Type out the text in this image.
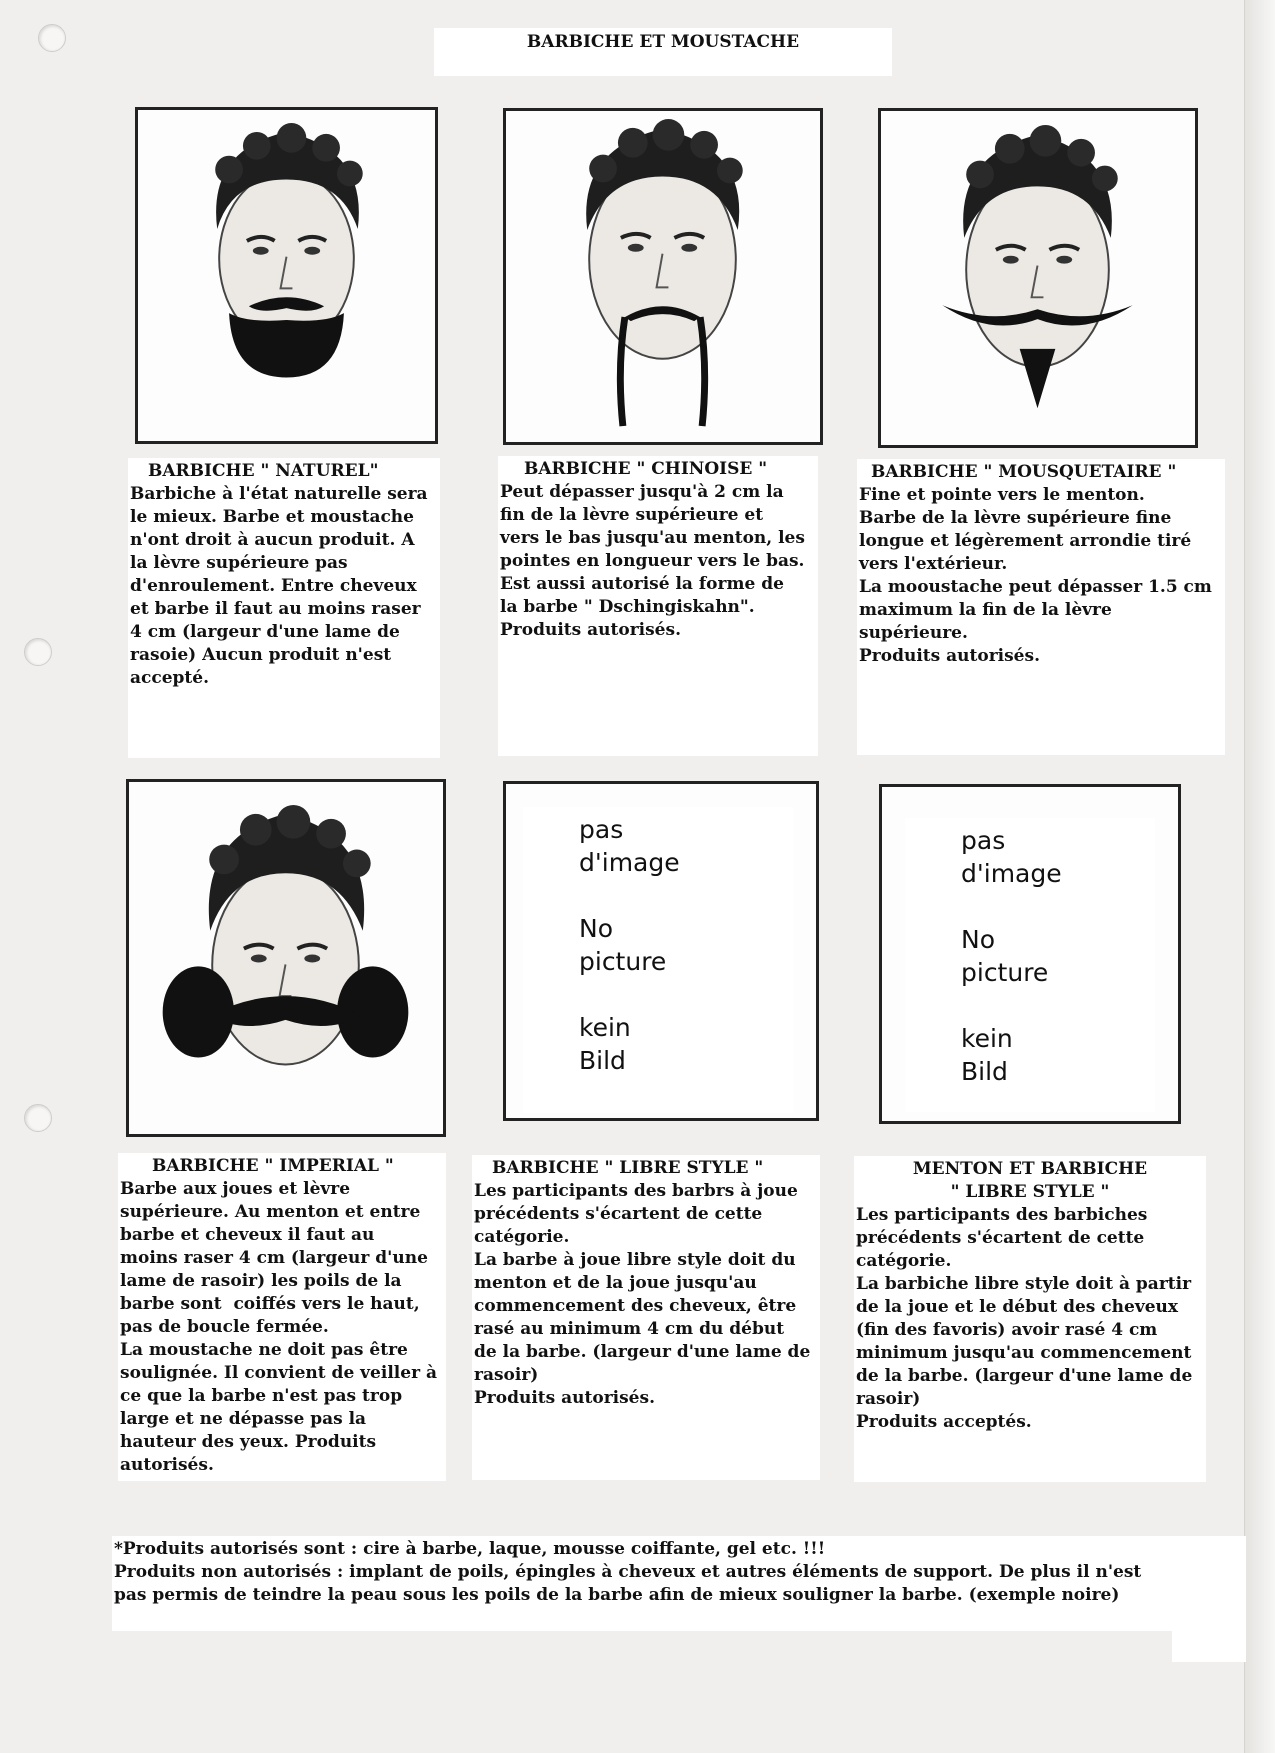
BARBICHE ET MOUSTACHE
BARBICHE " NATUREL"
Barbiche à l'état naturelle sera
le mieux. Barbe et moustache
n'ont droit à aucun produit. A
la lèvre supérieure pas
d'enroulement. Entre cheveux
et barbe il faut au moins raser
4 cm (largeur d'une lame de
rasoie) Aucun produit n'est
accepté.
BARBICHE " CHINOISE "
Peut dépasser jusqu'à 2 cm la
fin de la lèvre supérieure et
vers le bas jusqu'au menton, les
pointes en longueur vers le bas.
Est aussi autorisé la forme de
la barbe " Dschingiskahn".
Produits autorisés.
BARBICHE " MOUSQUETAIRE "
Fine et pointe vers le menton.
Barbe de la lèvre supérieure fine
longue et légèrement arrondie tiré
vers l'extérieur.
La mooustache peut dépasser 1.5 cm
maximum la fin de la lèvre
supérieure.
Produits autorisés.
pas
d'image

No
picture

kein
Bild
pas
d'image

No
picture

kein
Bild
BARBICHE " IMPERIAL "
Barbe aux joues et lèvre
supérieure. Au menton et entre
barbe et cheveux il faut au
moins raser 4 cm (largeur d'une
lame de rasoir) les poils de la
barbe sont  coiffés vers le haut,
pas de boucle fermée.
La moustache ne doit pas être
soulignée. Il convient de veiller à
ce que la barbe n'est pas trop
large et ne dépasse pas la
hauteur des yeux. Produits
autorisés.
BARBICHE " LIBRE STYLE "
Les participants des barbrs à joue
précédents s'écartent de cette
catégorie.
La barbe à joue libre style doit du
menton et de la joue jusqu'au
commencement des cheveux, être
rasé au minimum 4 cm du début
de la barbe. (largeur d'une lame de
rasoir)
Produits autorisés.
MENTON ET BARBICHE
" LIBRE STYLE "
Les participants des barbiches
précédents s'écartent de cette
catégorie.
La barbiche libre style doit à partir
de la joue et le début des cheveux
(fin des favoris) avoir rasé 4 cm
minimum jusqu'au commencement
de la barbe. (largeur d'une lame de
rasoir)
Produits acceptés.
*Produits autorisés sont : cire à barbe, laque, mousse coiffante, gel etc. !!!
Produits non autorisés : implant de poils, épingles à cheveux et autres éléments de support. De plus il n'est
pas permis de teindre la peau sous les poils de la barbe afin de mieux souligner la barbe. (exemple noire)
